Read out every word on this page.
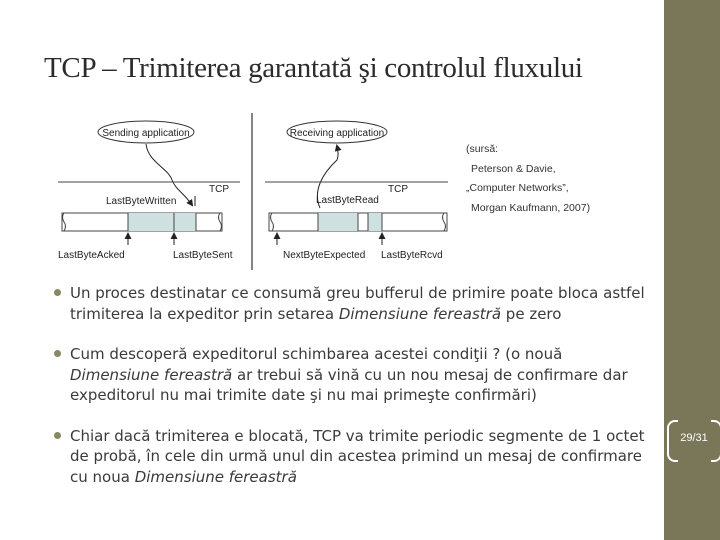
TCP – Trimiterea garantată şi controlul fluxului
Sending application
TCP
LastByteWritten
LastByteAcked	LastByteSent
Receiving application
TCP
LastByteRead
NextByteExpected LastByteRcvd
(sursă:
Peterson & Davie,
„Computer Networks”,
Morgan Kaufmann, 2007)
Un proces destinatar ce consumă greu bufferul de primire poate bloca astfel trimiterea la expeditor prin setarea Dimensiune fereastră pe zero
Cum descoperă expeditorul schimbarea acestei condiţii ? (o nouă Dimensiune fereastră ar trebui să vină cu un nou mesaj de confirmare dar expeditorul nu mai trimite date şi nu mai primeşte confirmări)
Chiar dacă trimiterea e blocată, TCP va trimite periodic segmente de 1 octet de probă, în cele din urmă unul din acestea primind un mesaj de confirmare cu noua Dimensiune fereastră
29/31
